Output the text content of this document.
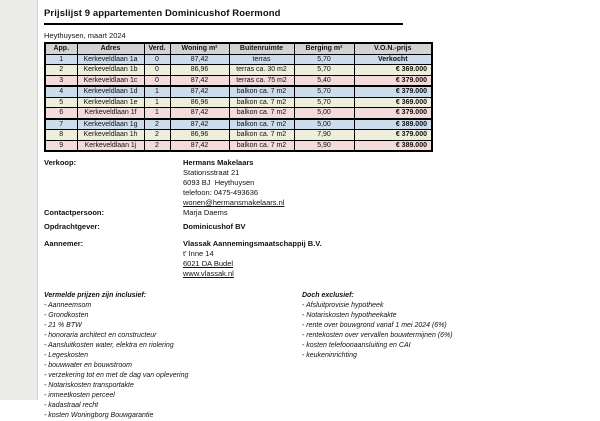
Prijslijst 9 appartementen Dominicushof Roermond
Heythuysen, maart 2024
App.	Adres	Verd.	Woning m²	Buitenruimte	Berging m²	V.O.N.-prijs
1	Kerkeveldlaan 1a	0	87,42	terras	5,70	Verkocht
2	Kerkeveldlaan 1b	0	86,96	terras ca. 30 m2	5,70	€ 369.000
3	Kerkeveldlaan 1c	0	87,42	terras ca. 75 m2	5,40	€ 379.000
4	Kerkeveldlaan 1d	1	87,42	balkon ca. 7 m2	5,70	€ 379.000
5	Kerkeveldlaan 1e	1	86,96	balkon ca. 7 m2	5,70	€ 369.000
6	Kerkeveldlaan 1f	1	87,42	balkon ca. 7 m2	5,00	€ 379.000
7	Kerkeveldlaan 1g	2	87,42	balkon ca. 7 m2	5,00	€ 389.000
8	Kerkeveldlaan 1h	2	86,96	balkon ca. 7 m2	7,90	€ 379.000
9	Kerkeveldlaan 1j	2	87,42	balkon ca. 7 m2	5,90	€ 389.000
Verkoop:	Hermans Makelaars
Stationsstraat 21
6093 BJ  Heythuysen
telefoon: 0475-493636
wonen@hermansmakelaars.nl
Contactpersoon:	Marja Daems
Opdrachtgever:	Dominicushof BV
Aannemer:	Vlassak Aannemingsmaatschappij B.V.
t' Inne 14
6021 DA Budel
www.vlassak.nl
Vermelde prijzen zijn inclusief:
- Aanneemsom
- Grondkosten
- 21 % BTW
- honoraria architect en constructeur
- Aansluitkosten water, elektra en riolering
- Legeskosten
- bouwwater en bouwstroom
- verzekering tot en met de dag van oplevering
- Notariskosten transportakte
- inmeetkosten perceel
- kadastraal recht
- kosten Woningborg Bouwgarantie
Doch exclusief:
- Afsluitprovisie hypotheek
- Notariskosten hypotheekakte
- rente over bouwgrond vanaf 1 mei 2024 (6%)
- rentekosten over vervallen bouwtermijnen (6%)
- kosten telefoonaansluiting en CAI
- keukeninrichting
